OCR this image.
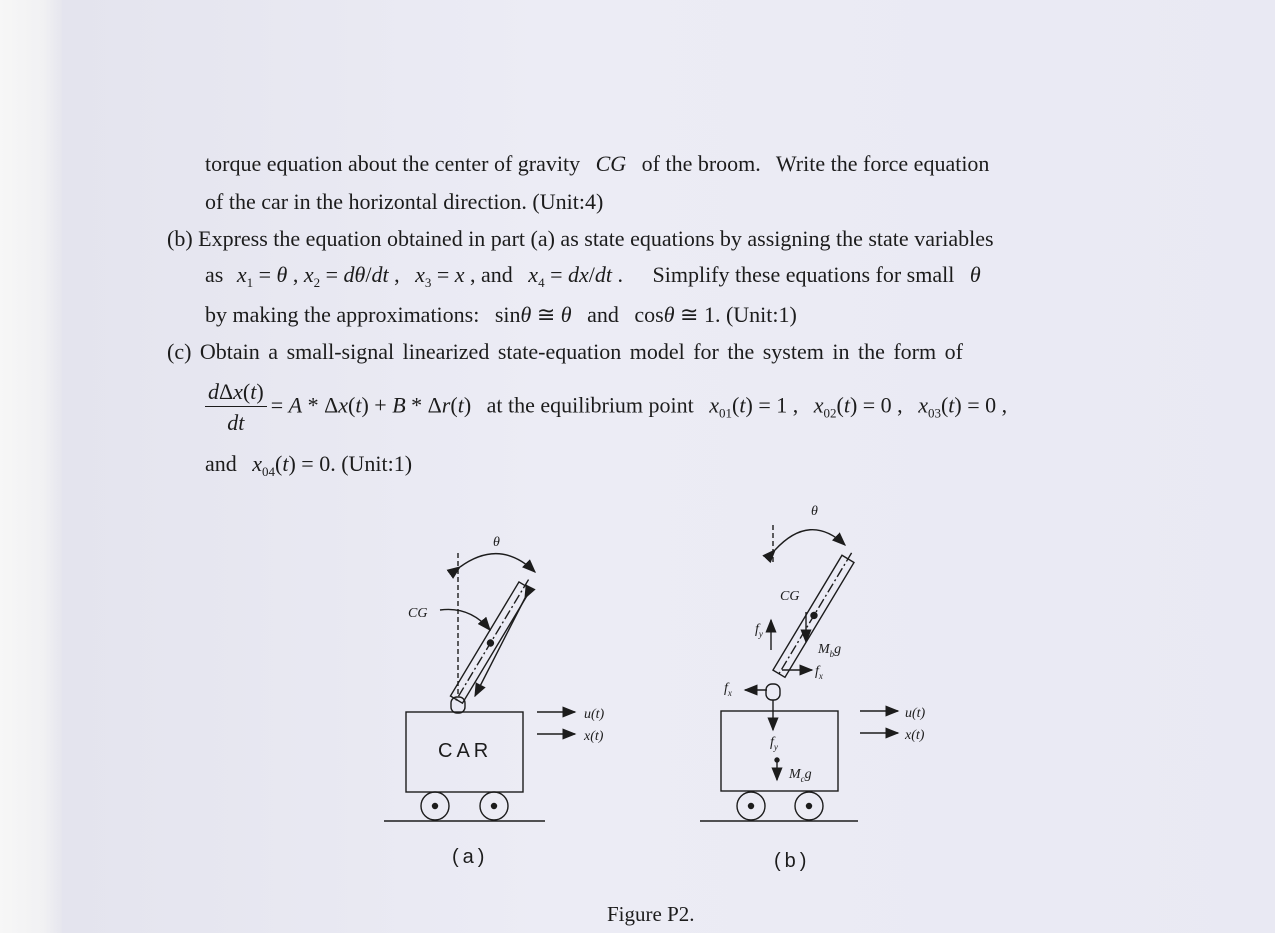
torque equation about the center of gravity CG of the broom. Write the force equation
of the car in the horizontal direction. (Unit:4)
(b) Express the equation obtained in part (a) as state equations by assigning the state variables
as $x_1 = \theta$ , $x_2 = d\theta/dt$ , $x_3 = x$ , and $x_4 = dx/dt$ . Simplify these equations for small θ
by making the approximations: sinθ ≅ θ and cosθ ≅ 1. (Unit:1)
(c) Obtain a small-signal linearized state-equation model for the system in the form of
$\frac{\text{dΔx(t)}}{dt} = A * \Delta x(t) + B * \Delta r(t)$ at the equilibrium point $x_{01}(t) = 1$ , $x_{02}(t) = 0$ , $x_{03}(t) = 0$ ,
and $x_{04}(t) = 0$. (Unit:1)
θ
CG
u(t)
x(t)
θ
CG
$f_y$
$M_bg$
$f_x$
$f_x$
$f_y$
$M_cg$
u(t)
x(t)
CAR
(a)	(b)
Figure P2.
